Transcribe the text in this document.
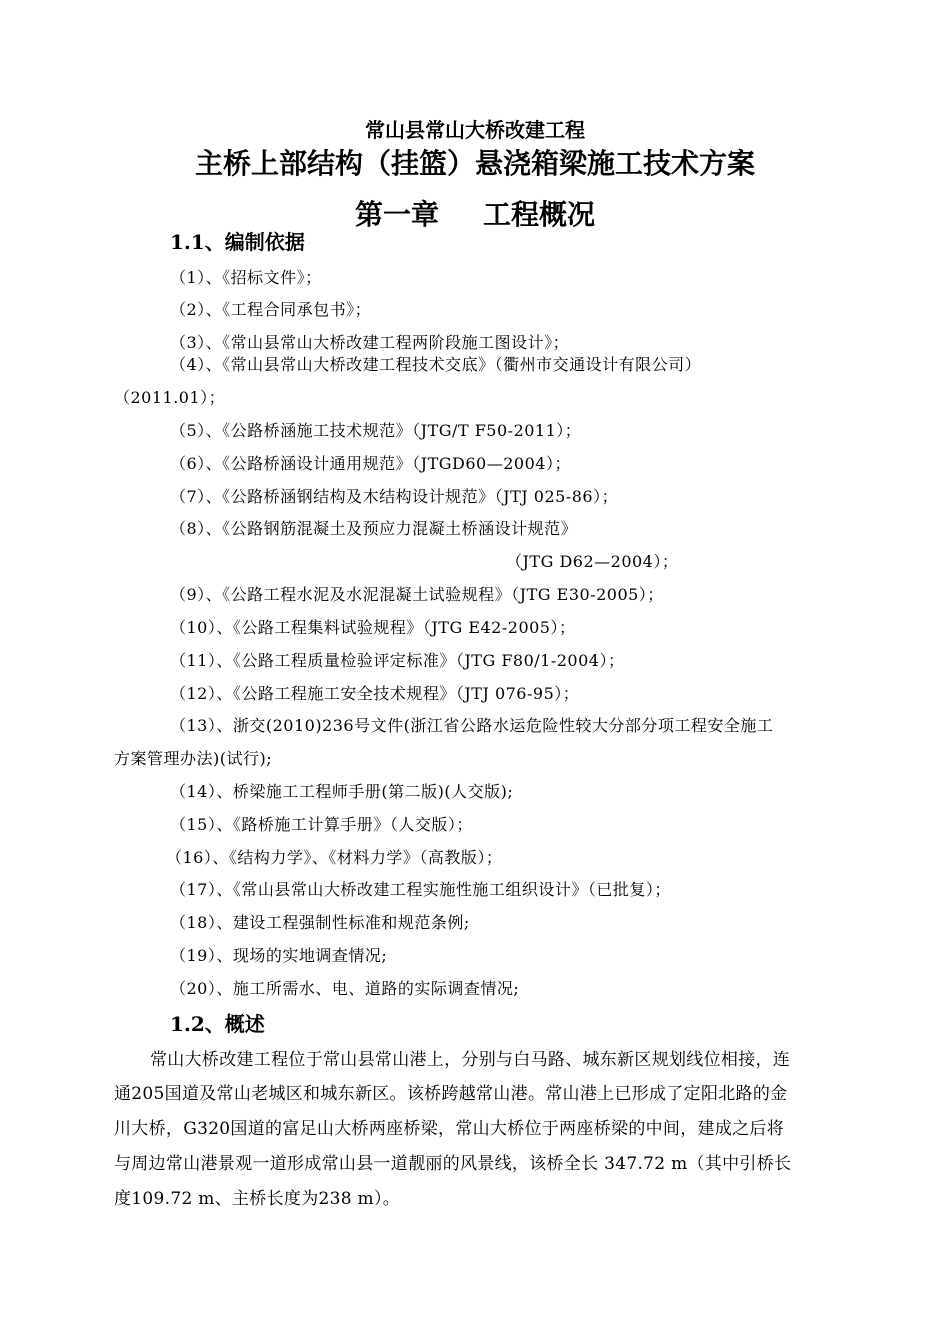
常山县常山大桥改建工程
主桥上部结构（挂篮）悬浇箱梁施工技术方案
第一章 工程概况
1.1、编制依据
（1）、《招标文件》；
（2）、《工程合同承包书》；
（3）、《常山县常山大桥改建工程两阶段施工图设计》；
（4）、《常山县常山大桥改建工程技术交底》（衢州市交通设计有限公司）
（2011.01）；
（5）、《公路桥涵施工技术规范》（JTG/T F50-2011）；
（6）、《公路桥涵设计通用规范》（JTGD60—2004）；
（7）、《公路桥涵钢结构及木结构设计规范》（JTJ 025-86）；
（8）、《公路钢筋混凝土及预应力混凝土桥涵设计规范》
（JTG D62—2004）；
（9）、《公路工程水泥及水泥混凝土试验规程》（JTG E30-2005）；
（10）、《公路工程集料试验规程》（JTG E42-2005）；
（11）、《公路工程质量检验评定标准》（JTG F80/1-2004）；
（12）、《公路工程施工安全技术规程》（JTJ 076-95）；
（13）、浙交(2010)236号文件(浙江省公路水运危险性较大分部分项工程安全施工
方案管理办法)(试行);
（14）、桥梁施工工程师手册(第二版)(人交版);
（15）、《路桥施工计算手册》（人交版）；
（16）、《结构力学》、《材料力学》（高教版）；
（17）、《常山县常山大桥改建工程实施性施工组织设计》（已批复）；
（18）、建设工程强制性标准和规范条例;
（19）、现场的实地调查情况;
（20）、施工所需水、电、道路的实际调查情况;
1.2、概述
常山大桥改建工程位于常山县常山港上，分别与白马路、城东新区规划线位相接，连
通205国道及常山老城区和城东新区。该桥跨越常山港。常山港上已形成了定阳北路的金
川大桥，G320国道的富足山大桥两座桥梁，常山大桥位于两座桥梁的中间，建成之后将
与周边常山港景观一道形成常山县一道靓丽的风景线，该桥全长 347.72 m（其中引桥长
度109.72 m、主桥长度为238 m）。
